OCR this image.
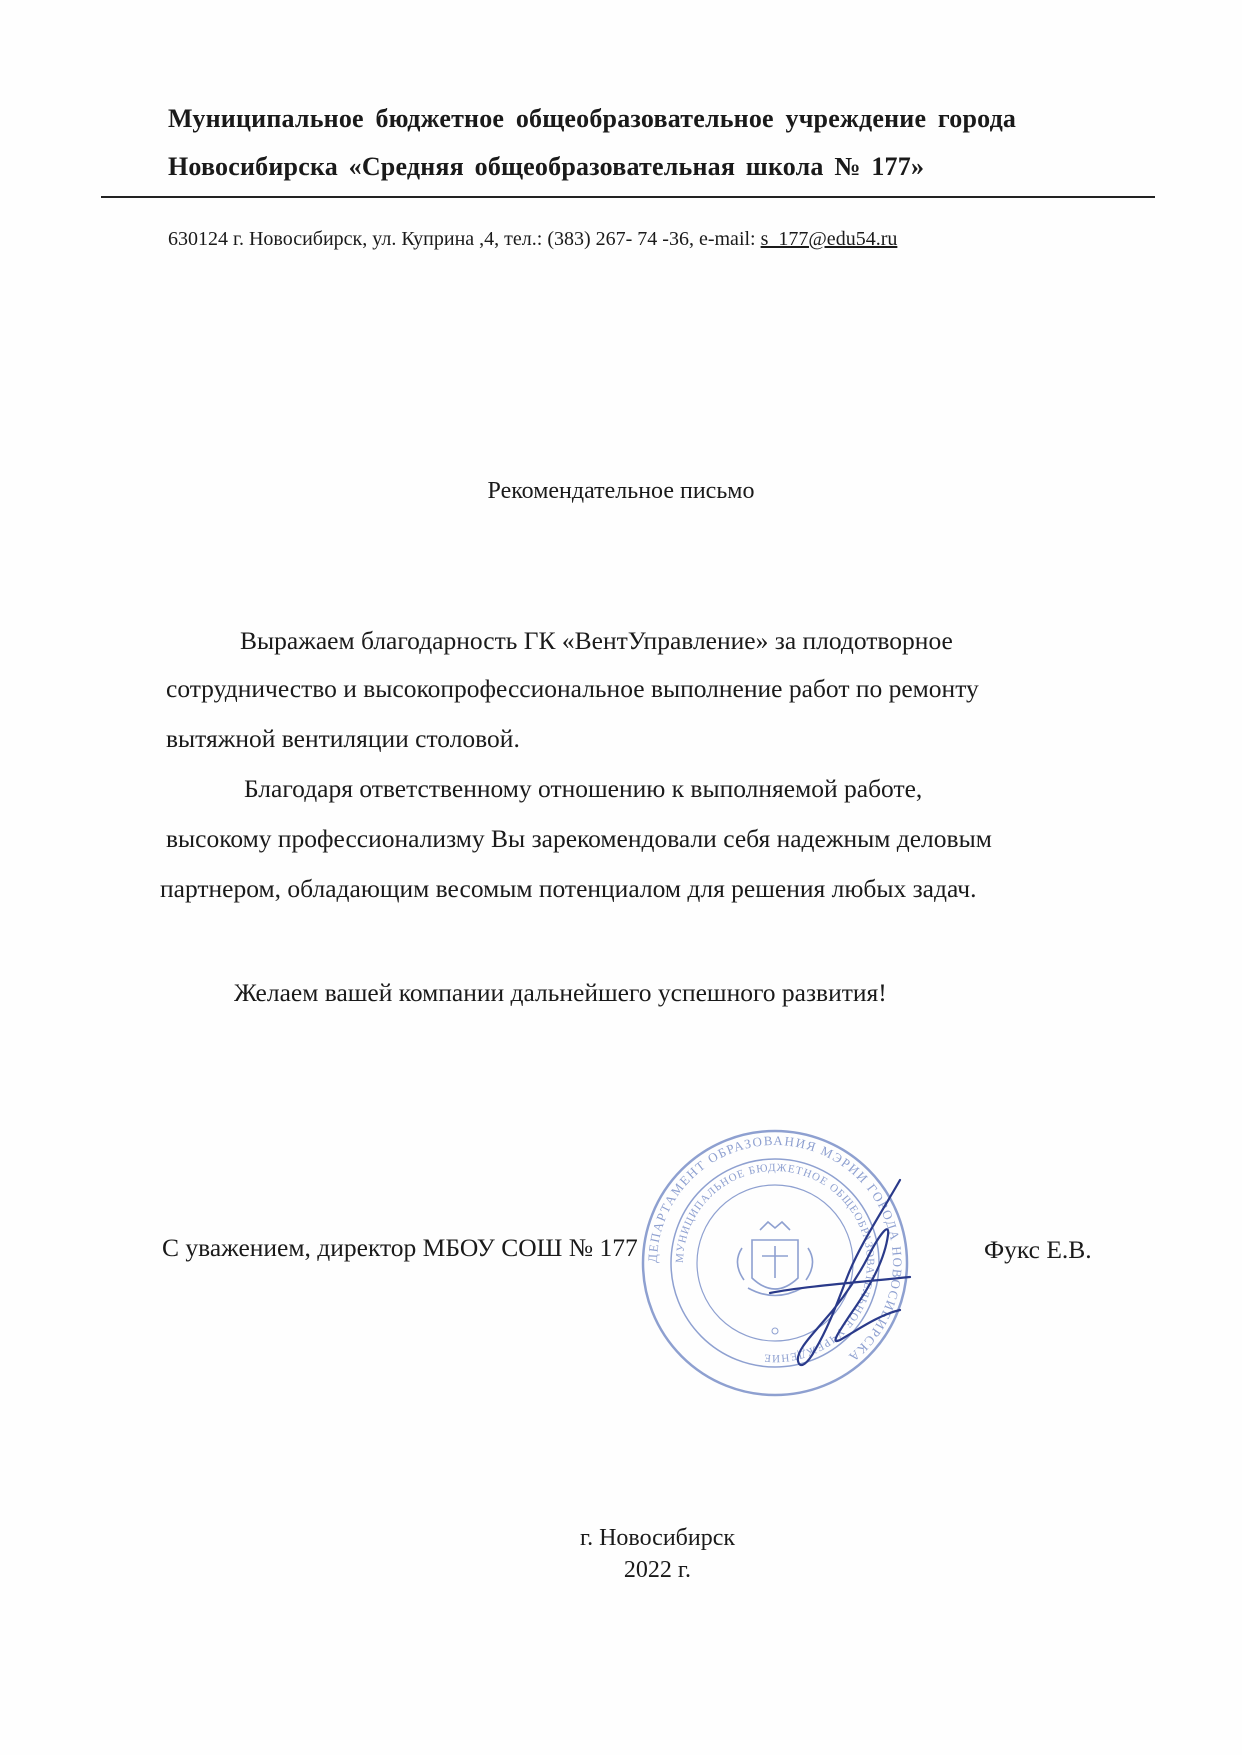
Муниципальное бюджетное общеобразовательное учреждение города
Новосибирска «Средняя общеобразовательная школа № 177»
630124 г. Новосибирск, ул. Куприна ,4, тел.: (383) 267- 74 -36, e-mail: s_177@edu54.ru
Рекомендательное письмо
Выражаем благодарность ГК «ВентУправление» за плодотворное
сотрудничество и высокопрофессиональное выполнение работ по ремонту
вытяжной вентиляции столовой.
Благодаря ответственному отношению к выполняемой работе,
высокому профессионализму Вы зарекомендовали себя надежным деловым
партнером, обладающим весомым потенциалом для решения любых задач.
Желаем вашей компании дальнейшего успешного развития!
ДЕПАРТАМЕНТ ОБРАЗОВАНИЯ МЭРИИ ГОРОДА НОВОСИБИРСКА
МУНИЦИПАЛЬНОЕ БЮДЖЕТНОЕ ОБЩЕОБРАЗОВАТЕЛЬНОЕ УЧРЕЖДЕНИЕ
С уважением, директор МБОУ СОШ № 177	Фукс Е.В.
г. Новосибирск
2022 г.
